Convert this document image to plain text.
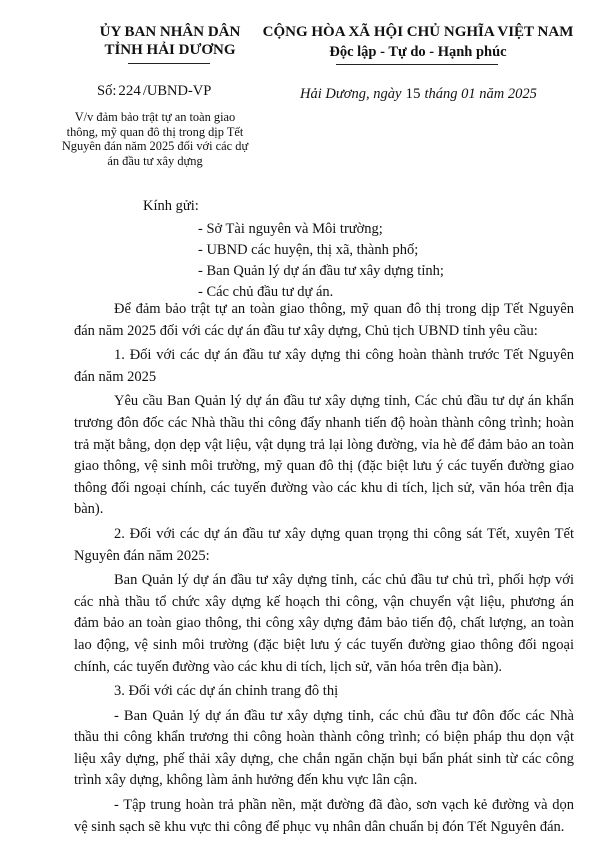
ỦY BAN NHÂN DÂN
TỈNH HẢI DƯƠNG
CỘNG HÒA XÃ HỘI CHỦ NGHĨA VIỆT NAM
Độc lập - Tự do - Hạnh phúc
Số: 224 /UBND-VP	Hải Dương, ngày 15 tháng 01 năm 2025
V/v đảm bảo trật tự an toàn giao thông, mỹ quan đô thị trong dịp Tết Nguyên đán năm 2025 đối với các dự án đầu tư xây dựng
Kính gửi:
- Sở Tài nguyên và Môi trường;
- UBND các huyện, thị xã, thành phố;
- Ban Quản lý dự án đầu tư xây dựng tỉnh;
- Các chủ đầu tư dự án.

Để đảm bảo trật tự an toàn giao thông, mỹ quan đô thị trong dịp Tết Nguyên đán năm 2025 đối với các dự án đầu tư xây dựng, Chủ tịch UBND tỉnh yêu cầu:

1. Đối với các dự án đầu tư xây dựng thi công hoàn thành trước Tết Nguyên đán năm 2025

Yêu cầu Ban Quản lý dự án đầu tư xây dựng tỉnh, Các chủ đầu tư dự án khẩn trương đôn đốc các Nhà thầu thi công đẩy nhanh tiến độ hoàn thành công trình; hoàn trả mặt bằng, dọn dẹp vật liệu, vật dụng trả lại lòng đường, vỉa hè để đảm bảo an toàn giao thông, vệ sinh môi trường, mỹ quan đô thị (đặc biệt lưu ý các tuyến đường giao thông đối ngoại chính, các tuyến đường vào các khu di tích, lịch sử, văn hóa trên địa bàn).

2. Đối với các dự án đầu tư xây dựng quan trọng thi công sát Tết, xuyên Tết Nguyên đán năm 2025:

Ban Quản lý dự án đầu tư xây dựng tỉnh, các chủ đầu tư chủ trì, phối hợp với các nhà thầu tổ chức xây dựng kế hoạch thi công, vận chuyển vật liệu, phương án đảm bảo an toàn giao thông, thi công xây dựng đảm bảo tiến độ, chất lượng, an toàn lao động, vệ sinh môi trường (đặc biệt lưu ý các tuyến đường giao thông đối ngoại chính, các tuyến đường vào các khu di tích, lịch sử, văn hóa trên địa bàn).

3. Đối với các dự án chỉnh trang đô thị

- Ban Quản lý dự án đầu tư xây dựng tỉnh, các chủ đầu tư đôn đốc các Nhà thầu thi công khẩn trương thi công hoàn thành công trình; có biện pháp thu dọn vật liệu xây dựng, phế thải xây dựng, che chắn ngăn chặn bụi bẩn phát sinh từ các công trình xây dựng, không làm ảnh hưởng đến khu vực lân cận.

- Tập trung hoàn trả phần nền, mặt đường đã đào, sơn vạch kẻ đường và dọn vệ sinh sạch sẽ khu vực thi công để phục vụ nhân dân chuẩn bị đón Tết Nguyên đán.
